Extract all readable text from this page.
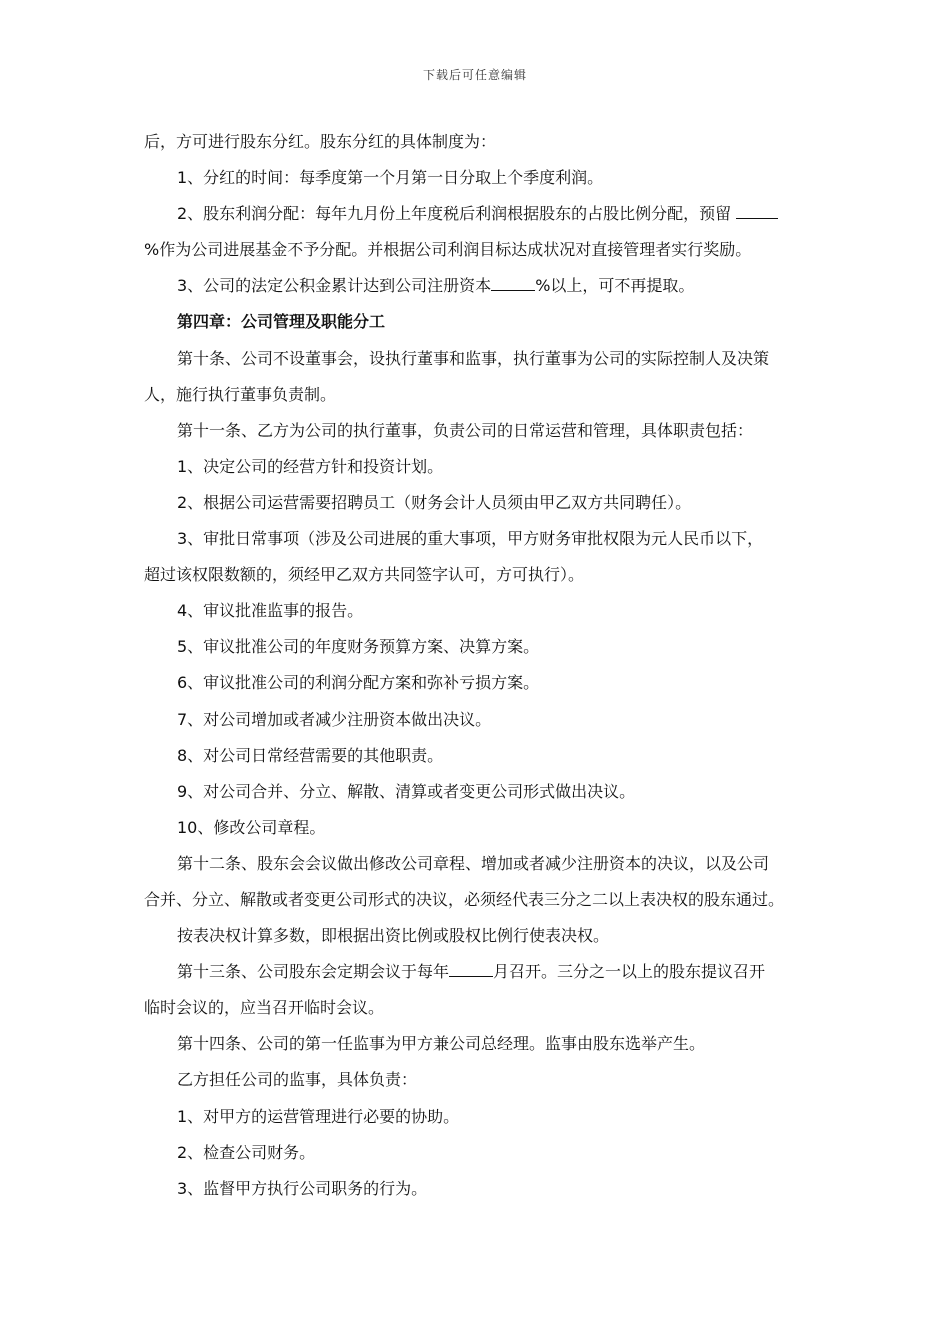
下载后可任意编辑
后，方可进行股东分红。股东分红的具体制度为：
1、分红的时间：每季度第一个月第一日分取上个季度利润。
2、股东利润分配：每年九月份上年度税后利润根据股东的占股比例分配，预留
%作为公司进展基金不予分配。并根据公司利润目标达成状况对直接管理者实行奖励。
3、公司的法定公积金累计达到公司注册资本	%以上，可不再提取。
第四章：公司管理及职能分工
第十条、公司不设董事会，设执行董事和监事，执行董事为公司的实际控制人及决策
人，施行执行董事负责制。
第十一条、乙方为公司的执行董事，负责公司的日常运营和管理，具体职责包括：
1、决定公司的经营方针和投资计划。
2、根据公司运营需要招聘员工（财务会计人员须由甲乙双方共同聘任）。
3、审批日常事项（涉及公司进展的重大事项，甲方财务审批权限为元人民币以下，
超过该权限数额的，须经甲乙双方共同签字认可，方可执行）。
4、审议批准监事的报告。
5、审议批准公司的年度财务预算方案、决算方案。
6、审议批准公司的利润分配方案和弥补亏损方案。
7、对公司增加或者减少注册资本做出决议。
8、对公司日常经营需要的其他职责。
9、对公司合并、分立、解散、清算或者变更公司形式做出决议。
10、修改公司章程。
第十二条、股东会会议做出修改公司章程、增加或者减少注册资本的决议，以及公司
合并、分立、解散或者变更公司形式的决议，必须经代表三分之二以上表决权的股东通过。
按表决权计算多数，即根据出资比例或股权比例行使表决权。
第十三条、公司股东会定期会议于每年	月召开。三分之一以上的股东提议召开
临时会议的，应当召开临时会议。
第十四条、公司的第一任监事为甲方兼公司总经理。监事由股东选举产生。
乙方担任公司的监事，具体负责：
1、对甲方的运营管理进行必要的协助。
2、检查公司财务。
3、监督甲方执行公司职务的行为。
